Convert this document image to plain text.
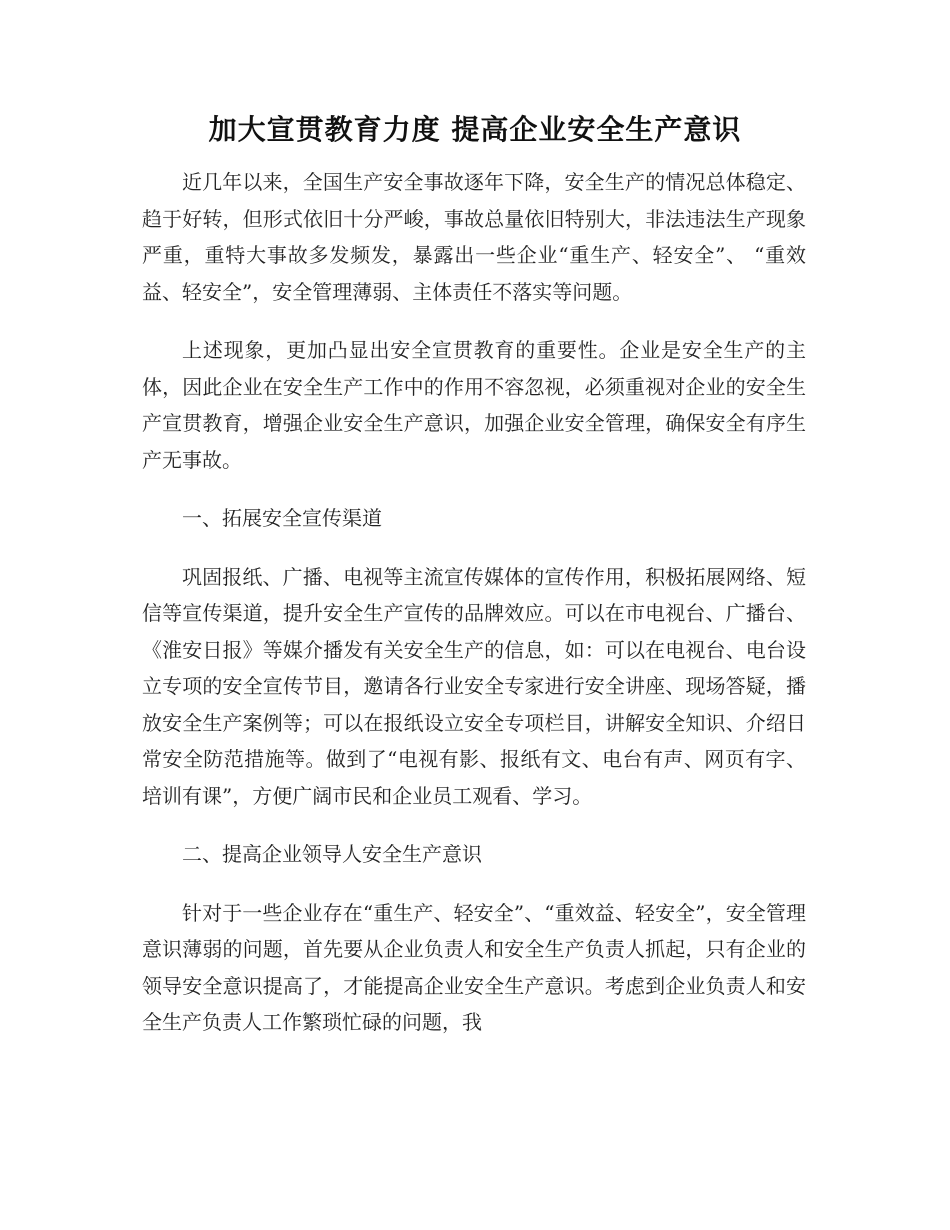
加大宣贯教育力度 提高企业安全生产意识

近几年以来，全国生产安全事故逐年下降，安全生产的情况总体稳定、趋于好转，但形式依旧十分严峻，事故总量依旧特别大，非法违法生产现象严重，重特大事故多发频发，暴露出一些企业“重生产、轻安全”、 “重效益、轻安全”，安全管理薄弱、主体责任不落实等问题。

上述现象，更加凸显出安全宣贯教育的重要性。企业是安全生产的主体，因此企业在安全生产工作中的作用不容忽视，必须重视对企业的安全生产宣贯教育，增强企业安全生产意识，加强企业安全管理，确保安全有序生产无事故。

一、拓展安全宣传渠道

巩固报纸、广播、电视等主流宣传媒体的宣传作用，积极拓展网络、短信等宣传渠道，提升安全生产宣传的品牌效应。可以在市电视台、广播台、《淮安日报》等媒介播发有关安全生产的信息，如：可以在电视台、电台设立专项的安全宣传节目，邀请各行业安全专家进行安全讲座、现场答疑，播放安全生产案例等；可以在报纸设立安全专项栏目，讲解安全知识、介绍日常安全防范措施等。做到了“电视有影、报纸有文、电台有声、网页有字、培训有课”，方便广阔市民和企业员工观看、学习。

二、提高企业领导人安全生产意识

针对于一些企业存在“重生产、轻安全”、“重效益、轻安全”，安全管理意识薄弱的问题，首先要从企业负责人和安全生产负责人抓起，只有企业的领导安全意识提高了，才能提高企业安全生产意识。考虑到企业负责人和安全生产负责人工作繁琐忙碌的问题，我
